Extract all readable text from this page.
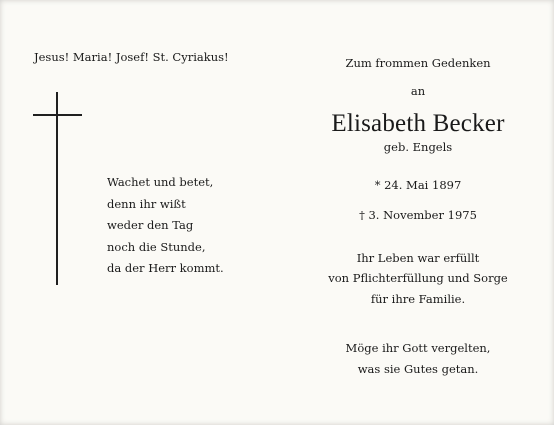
Jesus! Maria! Josef! St. Cyriakus!
Wachet und betet,
denn ihr wißt
weder den Tag
noch die Stunde,
da der Herr kommt.
Zum frommen Gedenken
an
Elisabeth Becker
geb. Engels
* 24. Mai 1897
† 3. November 1975
Ihr Leben war erfüllt
von Pflichterfüllung und Sorge
für ihre Familie.
Möge ihr Gott vergelten,
was sie Gutes getan.
